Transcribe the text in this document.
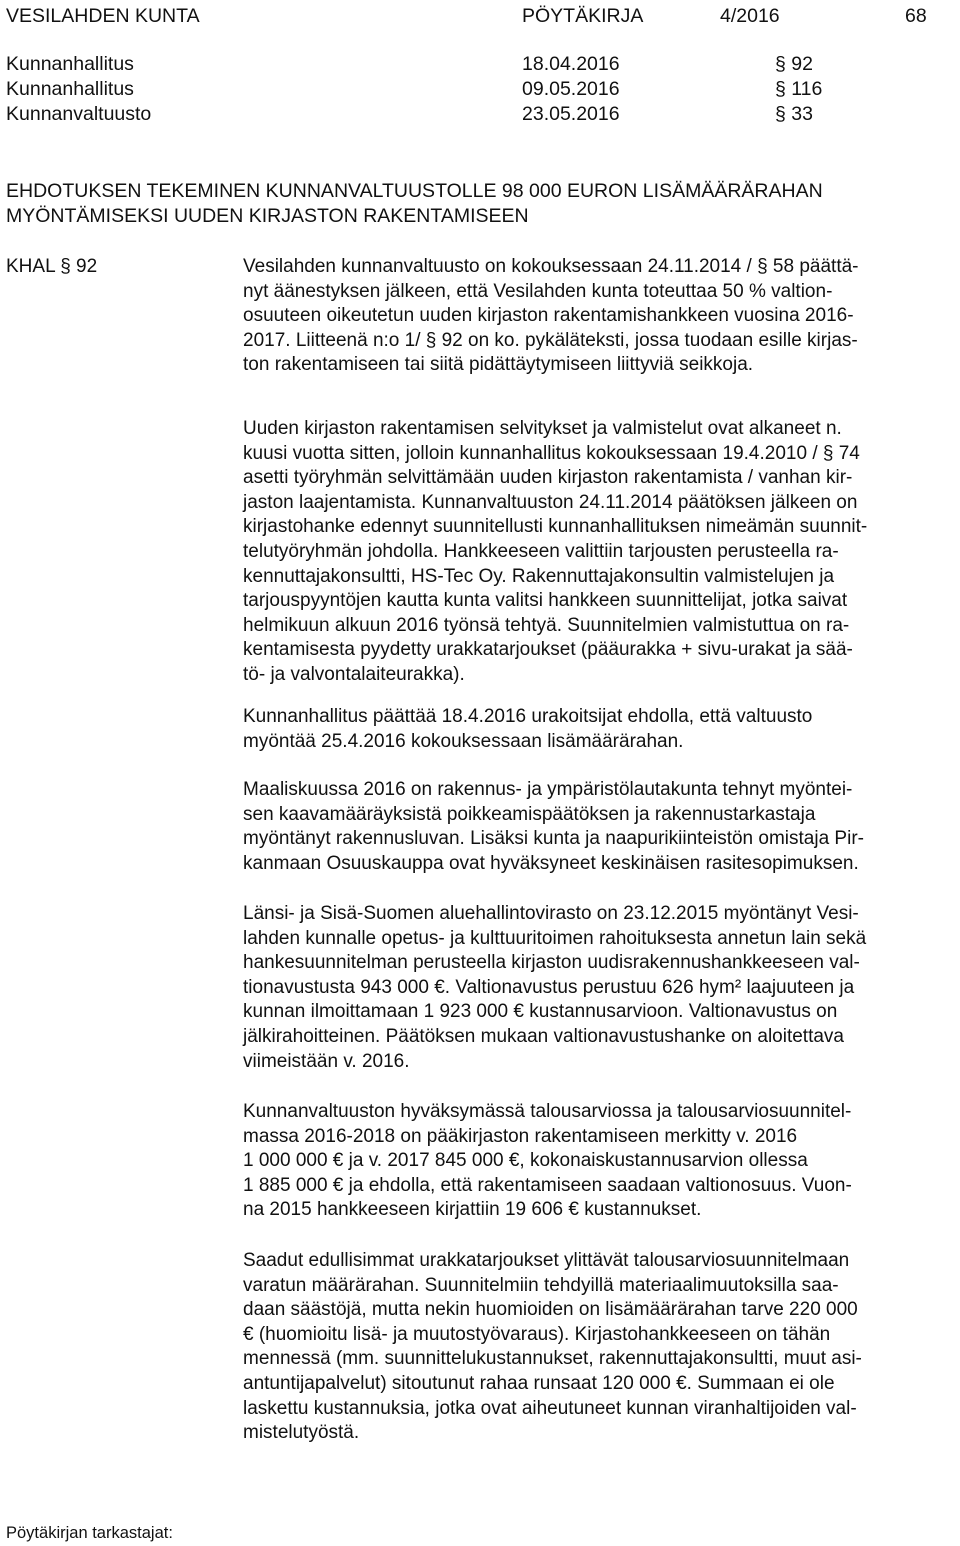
VESILAHDEN KUNTA	PÖYTÄKIRJA	4/2016	68
Kunnanhallitus	18.04.2016	§ 92
Kunnanhallitus	09.05.2016	§ 116
Kunnanvaltuusto	23.05.2016	§ 33
EHDOTUKSEN TEKEMINEN KUNNANVALTUUSTOLLE 98 000 EURON LISÄMÄÄRÄRAHAN
MYÖNTÄMISEKSI UUDEN KIRJASTON RAKENTAMISEEN
KHAL § 92	Vesilahden kunnanvaltuusto on kokouksessaan 24.11.2014 / § 58 päättä-
nyt äänestyksen jälkeen, että Vesilahden kunta toteuttaa 50 % valtion-
osuuteen oikeutetun uuden kirjaston rakentamishankkeen vuosina 2016-
2017. Liitteenä n:o 1/ § 92 on ko. pykäläteksti, jossa tuodaan esille kirjas-
ton rakentamiseen tai siitä pidättäytymiseen liittyviä seikkoja.
Uuden kirjaston rakentamisen selvitykset ja valmistelut ovat alkaneet n.
kuusi vuotta sitten, jolloin kunnanhallitus kokouksessaan 19.4.2010 / § 74
asetti työryhmän selvittämään uuden kirjaston rakentamista / vanhan kir-
jaston laajentamista. Kunnanvaltuuston 24.11.2014 päätöksen jälkeen on
kirjastohanke edennyt suunnitellusti kunnanhallituksen nimeämän suunnit-
telutyöryhmän johdolla. Hankkeeseen valittiin tarjousten perusteella ra-
kennuttajakonsultti, HS-Tec Oy. Rakennuttajakonsultin valmistelujen ja
tarjouspyyntöjen kautta kunta valitsi hankkeen suunnittelijat, jotka saivat
helmikuun alkuun 2016 työnsä tehtyä. Suunnitelmien valmistuttua on ra-
kentamisesta pyydetty urakkatarjoukset (pääurakka + sivu-urakat ja sää-
tö- ja valvontalaiteurakka).
Kunnanhallitus päättää 18.4.2016 urakoitsijat ehdolla, että valtuusto
myöntää 25.4.2016 kokouksessaan lisämäärärahan.
Maaliskuussa 2016 on rakennus- ja ympäristölautakunta tehnyt myöntei-
sen kaavamääräyksistä poikkeamispäätöksen ja rakennustarkastaja
myöntänyt rakennusluvan. Lisäksi kunta ja naapurikiinteistön omistaja Pir-
kanmaan Osuuskauppa ovat hyväksyneet keskinäisen rasitesopimuksen.
Länsi- ja Sisä-Suomen aluehallintovirasto on 23.12.2015 myöntänyt Vesi-
lahden kunnalle opetus- ja kulttuuritoimen rahoituksesta annetun lain sekä
hankesuunnitelman perusteella kirjaston uudisrakennushankkeeseen val-
tionavustusta 943 000 €. Valtionavustus perustuu 626 hym² laajuuteen ja
kunnan ilmoittamaan 1 923 000 € kustannusarvioon. Valtionavustus on
jälkirahoitteinen. Päätöksen mukaan valtionavustushanke on aloitettava
viimeistään v. 2016.
Kunnanvaltuuston hyväksymässä talousarviossa ja talousarviosuunnitel-
massa 2016-2018 on pääkirjaston rakentamiseen merkitty v. 2016
1 000 000 € ja v. 2017 845 000 €, kokonaiskustannusarvion ollessa
1 885 000 € ja ehdolla, että rakentamiseen saadaan valtionosuus. Vuon-
na 2015 hankkeeseen kirjattiin 19 606 € kustannukset.
Saadut edullisimmat urakkatarjoukset ylittävät talousarviosuunnitelmaan
varatun määrärahan. Suunnitelmiin tehdyillä materiaalimuutoksilla saa-
daan säästöjä, mutta nekin huomioiden on lisämäärärahan tarve 220 000
€ (huomioitu lisä- ja muutostyövaraus). Kirjastohankkeeseen on tähän
mennessä (mm. suunnittelukustannukset, rakennuttajakonsultti, muut asi-
antuntijapalvelut) sitoutunut rahaa runsaat 120 000 €. Summaan ei ole
laskettu kustannuksia, jotka ovat aiheutuneet kunnan viranhaltijoiden val-
mistelutyöstä.
Pöytäkirjan tarkastajat:
